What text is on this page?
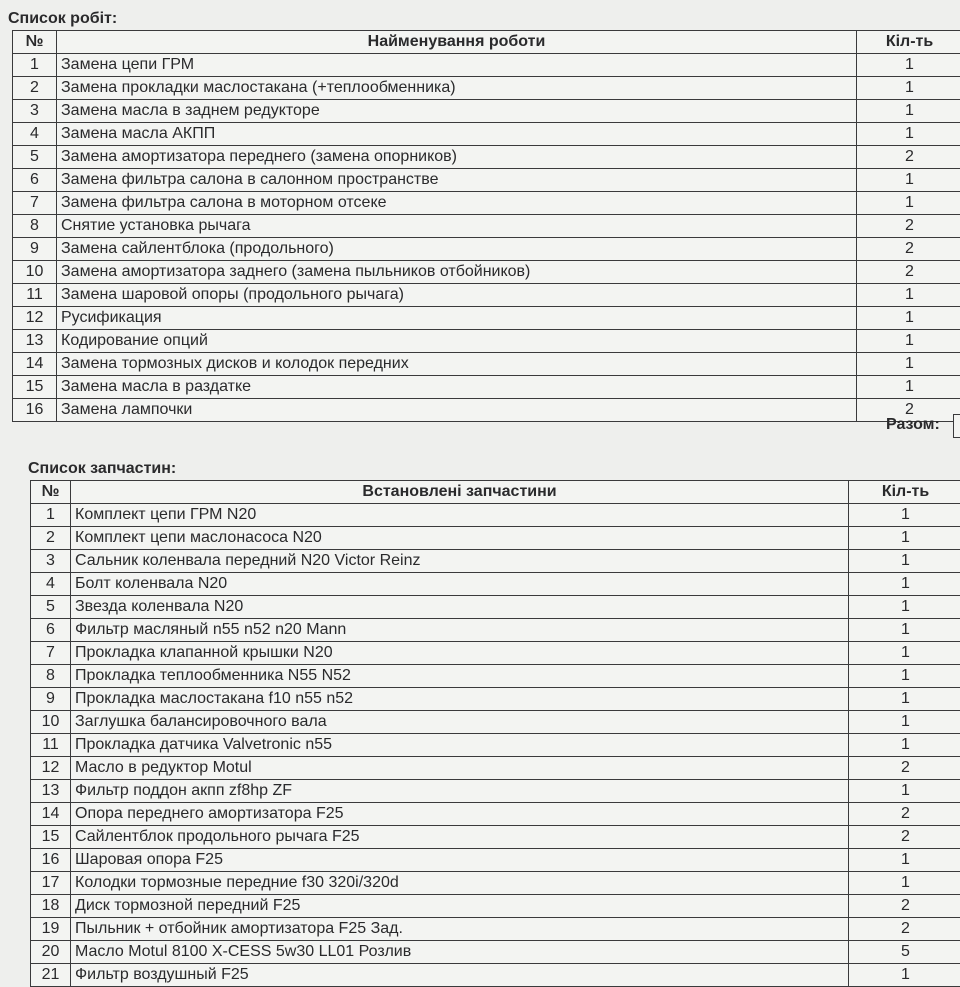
Список робіт:
№	Найменування роботи	Кіл-ть
1	Замена цепи ГРМ	1
2	Замена прокладки маслостакана (+теплообменника)	1
3	Замена масла в заднем редукторе	1
4	Замена масла АКПП	1
5	Замена амортизатора переднего (замена опорников)	2
6	Замена фильтра салона в салонном пространстве	1
7	Замена фильтра салона в моторном отсеке	1
8	Снятие установка рычага	2
9	Замена сайлентблока (продольного)	2
10	Замена амортизатора заднего (замена пыльников отбойников)	2
11	Замена шаровой опоры (продольного рычага)	1
12	Русификация	1
13	Кодирование опций	1
14	Замена тормозных дисков и колодок передних	1
15	Замена масла в раздатке	1
16	Замена лампочки	2
Разом:
Список запчастин:
№	Встановлені запчастини	Кіл-ть
1	Комплект цепи ГРМ N20	1
2	Комплект цепи маслонасоса N20	1
3	Сальник коленвала передний N20 Victor Reinz	1
4	Болт коленвала N20	1
5	Звезда коленвала N20	1
6	Фильтр масляный n55 n52 n20 Mann	1
7	Прокладка клапанной крышки N20	1
8	Прокладка теплообменника N55 N52	1
9	Прокладка маслостакана f10 n55 n52	1
10	Заглушка балансировочного вала	1
11	Прокладка датчика Valvetronic n55	1
12	Масло в редуктор Motul	2
13	Фильтр поддон акпп zf8hp ZF	1
14	Опора переднего амортизатора F25	2
15	Сайлентблок продольного рычага F25	2
16	Шаровая опора F25	1
17	Колодки тормозные передние f30 320i/320d	1
18	Диск тормозной передний F25	2
19	Пыльник + отбойник амортизатора F25 Зад.	2
20	Масло Motul 8100 X-CESS 5w30 LL01 Розлив	5
21	Фильтр воздушный F25	1
